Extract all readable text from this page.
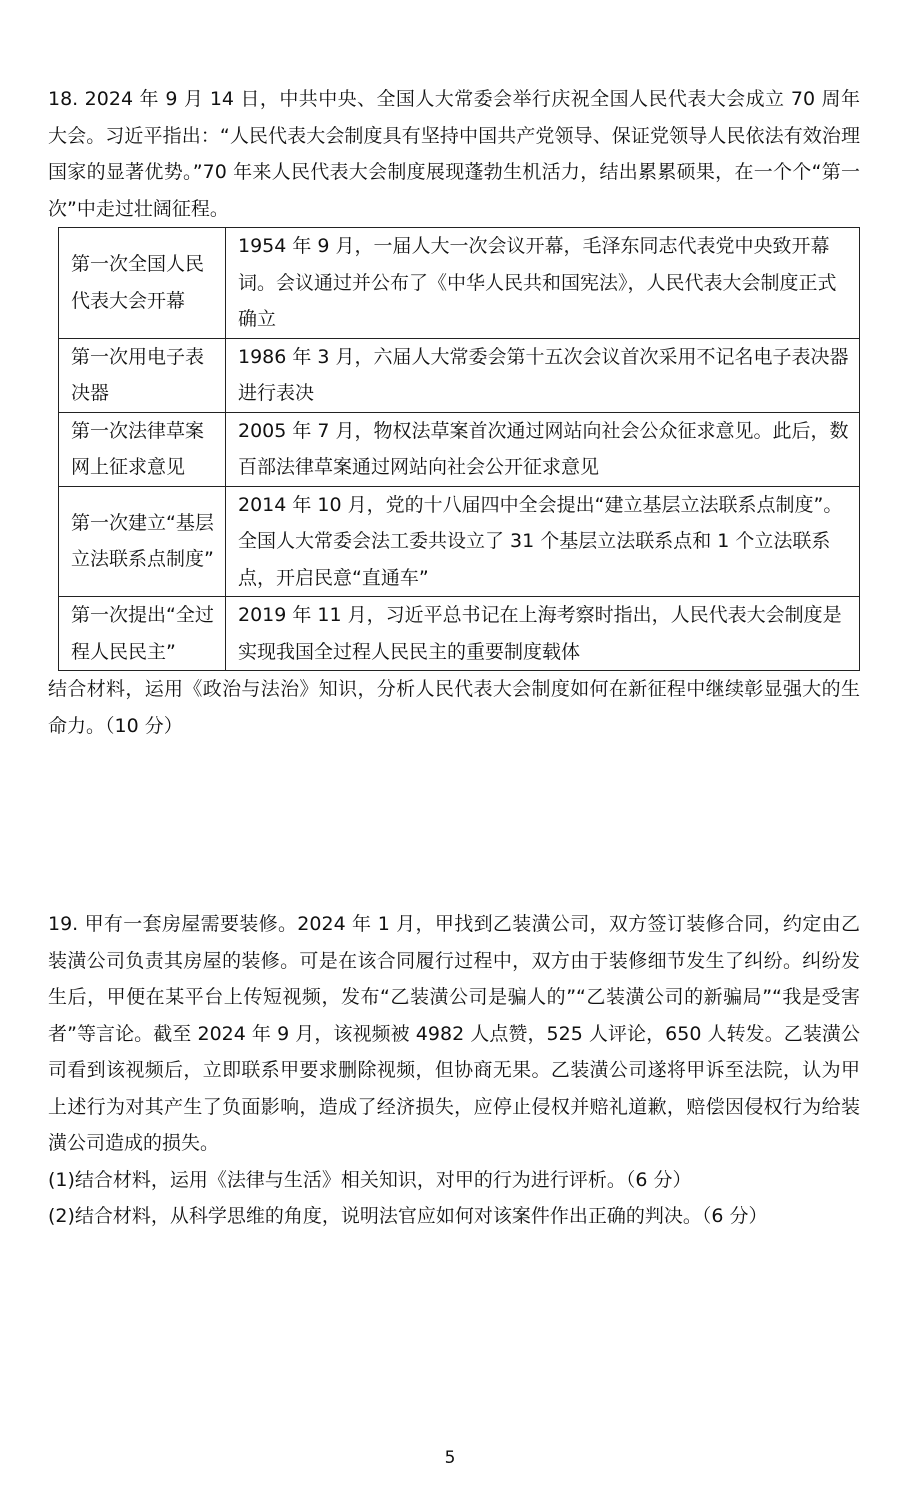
18. 2024 年 9 月 14 日，中共中央、全国人大常委会举行庆祝全国人民代表大会成立 70 周年大会。习近平指出：“人民代表大会制度具有坚持中国共产党领导、保证党领导人民依法有效治理国家的显著优势。”70 年来人民代表大会制度展现蓬勃生机活力，结出累累硕果，在一个个“第一次”中走过壮阔征程。

第一次全国人民代表大会开幕	1954 年 9 月，一届人大一次会议开幕，毛泽东同志代表党中央致开幕词。会议通过并公布了《中华人民共和国宪法》，人民代表大会制度正式确立
第一次用电子表决器	1986 年 3 月，六届人大常委会第十五次会议首次采用不记名电子表决器进行表决
第一次法律草案网上征求意见	2005 年 7 月，物权法草案首次通过网站向社会公众征求意见。此后，数百部法律草案通过网站向社会公开征求意见
第一次建立“基层立法联系点制度”	2014 年 10 月，党的十八届四中全会提出“建立基层立法联系点制度”。全国人大常委会法工委共设立了 31 个基层立法联系点和 1 个立法联系点，开启民意“直通车”
第一次提出“全过程人民民主”	2019 年 11 月，习近平总书记在上海考察时指出，人民代表大会制度是实现我国全过程人民民主的重要制度载体

结合材料，运用《政治与法治》知识，分析人民代表大会制度如何在新征程中继续彰显强大的生命力。（10 分）

19. 甲有一套房屋需要装修。2024 年 1 月，甲找到乙装潢公司，双方签订装修合同，约定由乙装潢公司负责其房屋的装修。可是在该合同履行过程中，双方由于装修细节发生了纠纷。纠纷发生后，甲便在某平台上传短视频，发布“乙装潢公司是骗人的”“乙装潢公司的新骗局”“我是受害者”等言论。截至 2024 年 9 月，该视频被 4982 人点赞，525 人评论，650 人转发。乙装潢公司看到该视频后，立即联系甲要求删除视频，但协商无果。乙装潢公司遂将甲诉至法院，认为甲上述行为对其产生了负面影响，造成了经济损失，应停止侵权并赔礼道歉，赔偿因侵权行为给装潢公司造成的损失。

(1)结合材料，运用《法律与生活》相关知识，对甲的行为进行评析。（6 分）

(2)结合材料，从科学思维的角度，说明法官应如何对该案件作出正确的判决。（6 分）

5
